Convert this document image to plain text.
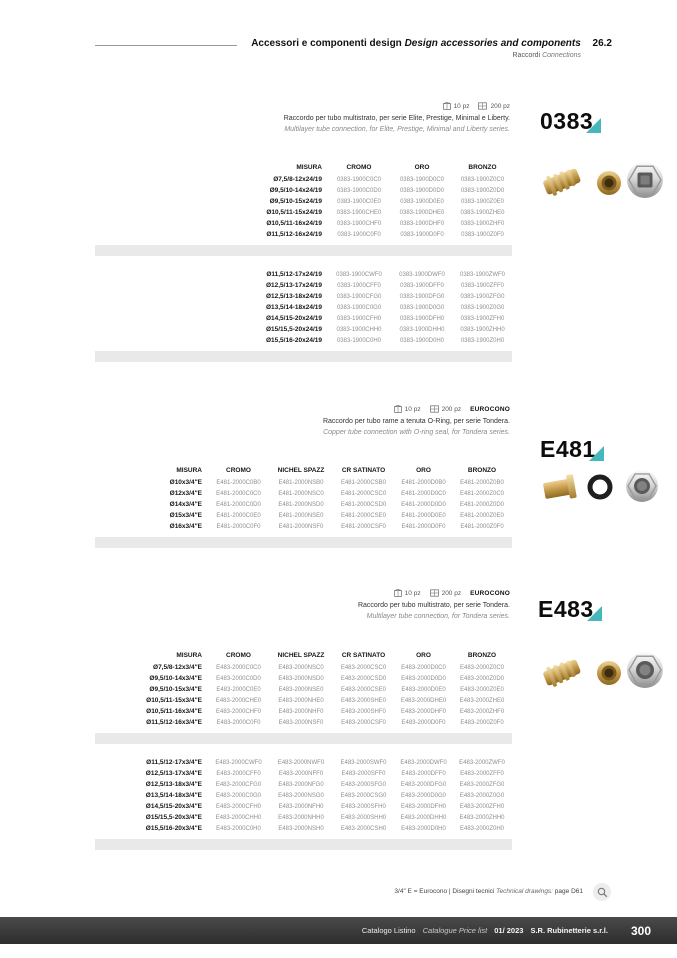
Accessori e componenti design Design accessories and components 26.2
Raccordi Connections
10 pz	200 pz
Raccordo per tubo multistrato, per serie Elite, Prestige, Minimal e Liberty.
Multilayer tube connection, for Elite, Prestige, Minimal and Liberty series. 0383
MISURA	CROMO	ORO	BRONZO
Ø7,5/8-12x24/19	0383-1900C0C0	0383-1900D0C0	0383-1900Z0C0
Ø9,5/10-14x24/19	0383-1900C0D0	0383-1900D0D0	0383-1900Z0D0
Ø9,5/10-15x24/19	0383-1900C0E0	0383-1900D0E0	0383-1900Z0E0
Ø10,5/11-15x24/19	0383-1900CHE0	0383-1900DHE0	0383-1900ZHE0
Ø10,5/11-16x24/19	0383-1900CHF0	0383-1900DHF0	0383-1900ZHF0
Ø11,5/12-16x24/19	0383-1900C0F0	0383-1900D0F0	0383-1900Z0F0
Ø11,5/12-17x24/19	0383-1900CWF0	0383-1900DWF0	0383-1900ZWF0
Ø12,5/13-17x24/19	0383-1900CFF0	0383-1900DFF0	0383-1900ZFF0
Ø12,5/13-18x24/19	0383-1900CFG0	0383-1900DFG0	0383-1900ZFG0
Ø13,5/14-18x24/19	0383-1900C0G0	0383-1900D0G0	0383-1900Z0G0
Ø14,5/15-20x24/19	0383-1900CFH0	0383-1900DFH0	0383-1900ZFH0
Ø15/15,5-20x24/19	0383-1900CHH0	0383-1900DHH0	0383-1900ZHH0
Ø15,5/16-20x24/19	0383-1900C0H0	0383-1900D0H0	0383-1900Z0H0
10 pz	200 pz EUROCONO
Raccordo per tubo rame a tenuta O-Ring, per serie Tondera.
Copper tube connection with O-ring seal, for Tondera series.
E481
MISURA	CROMO	NICHEL SPAZZ	CR SATINATO	ORO	BRONZO
Ø10x3/4"E	E481-2000C0B0	E481-2000NSB0	E481-2000CSB0	E481-2000D0B0	E481-2000Z0B0
Ø12x3/4"E	E481-2000C0C0	E481-2000NSC0	E481-2000CSC0	E481-2000D0C0	E481-2000Z0C0
Ø14x3/4"E	E481-2000C0D0	E481-2000NSD0	E481-2000CSD0	E481-2000D0D0	E481-2000Z0D0
Ø15x3/4"E	E481-2000C0E0	E481-2000NSE0	E481-2000CSE0	E481-2000D0E0	E481-2000Z0E0
Ø16x3/4"E	E481-2000C0F0	E481-2000NSF0	E481-2000CSF0	E481-2000D0F0	E481-2000Z0F0
10 pz	200 pz EUROCONO
Raccordo per tubo multistrato, per serie Tondera.
Multilayer tube connection, for Tondera series. E483
MISURA	CROMO	NICHEL SPAZZ	CR SATINATO	ORO	BRONZO
Ø7,5/8-12x3/4"E	E483-2000C0C0	E483-2000NSC0	E483-2000CSC0	E483-2000D0C0	E483-2000Z0C0
Ø9,5/10-14x3/4"E	E483-2000C0D0	E483-2000NSD0	E483-2000CSD0	E483-2000D0D0	E483-2000Z0D0
Ø9,5/10-15x3/4"E	E483-2000C0E0	E483-2000NSE0	E483-2000CSE0	E483-2000D0E0	E483-2000Z0E0
Ø10,5/11-15x3/4"E	E483-2000CHE0	E483-2000NHE0	E483-2000SHE0	E483-2000DHE0	E483-2000ZHE0
Ø10,5/11-16x3/4"E	E483-2000CHF0	E483-2000NHF0	E483-2000SHF0	E483-2000DHF0	E483-2000ZHF0
Ø11,5/12-16x3/4"E	E483-2000C0F0	E483-2000NSF0	E483-2000CSF0	E483-2000D0F0	E483-2000Z0F0
Ø11,5/12-17x3/4"E	E483-2000CWF0	E483-2000NWF0	E483-2000SWF0	E483-2000DWF0	E483-2000ZWF0
Ø12,5/13-17x3/4"E	E483-2000CFF0	E483-2000NFF0	E483-2000SFF0	E483-2000DFF0	E483-2000ZFF0
Ø12,5/13-18x3/4"E	E483-2000CFG0	E483-2000NFG0	E483-2000SFG0	E483-2000DFG0	E483-2000ZFG0
Ø13,5/14-18x3/4"E	E483-2000C0G0	E483-2000NSG0	E483-2000CSG0	E483-2000D0G0	E483-2000Z0G0
Ø14,5/15-20x3/4"E	E483-2000CFH0	E483-2000NFH0	E483-2000SFH0	E483-2000DFH0	E483-2000ZFH0
Ø15/15,5-20x3/4"E	E483-2000CHH0	E483-2000NHH0	E483-2000SHH0	E483-2000DHH0	E483-2000ZHH0
Ø15,5/16-20x3/4"E	E483-2000C0H0	E483-2000NSH0	E483-2000CSH0	E483-2000D0H0	E483-2000Z0H0
3/4" E = Eurocono | Disegni tecnici Technical drawings: page D61
Catalogo Listino Catalogue Price list 01/ 2023 S.R. Rubinetterie s.r.l. 300
